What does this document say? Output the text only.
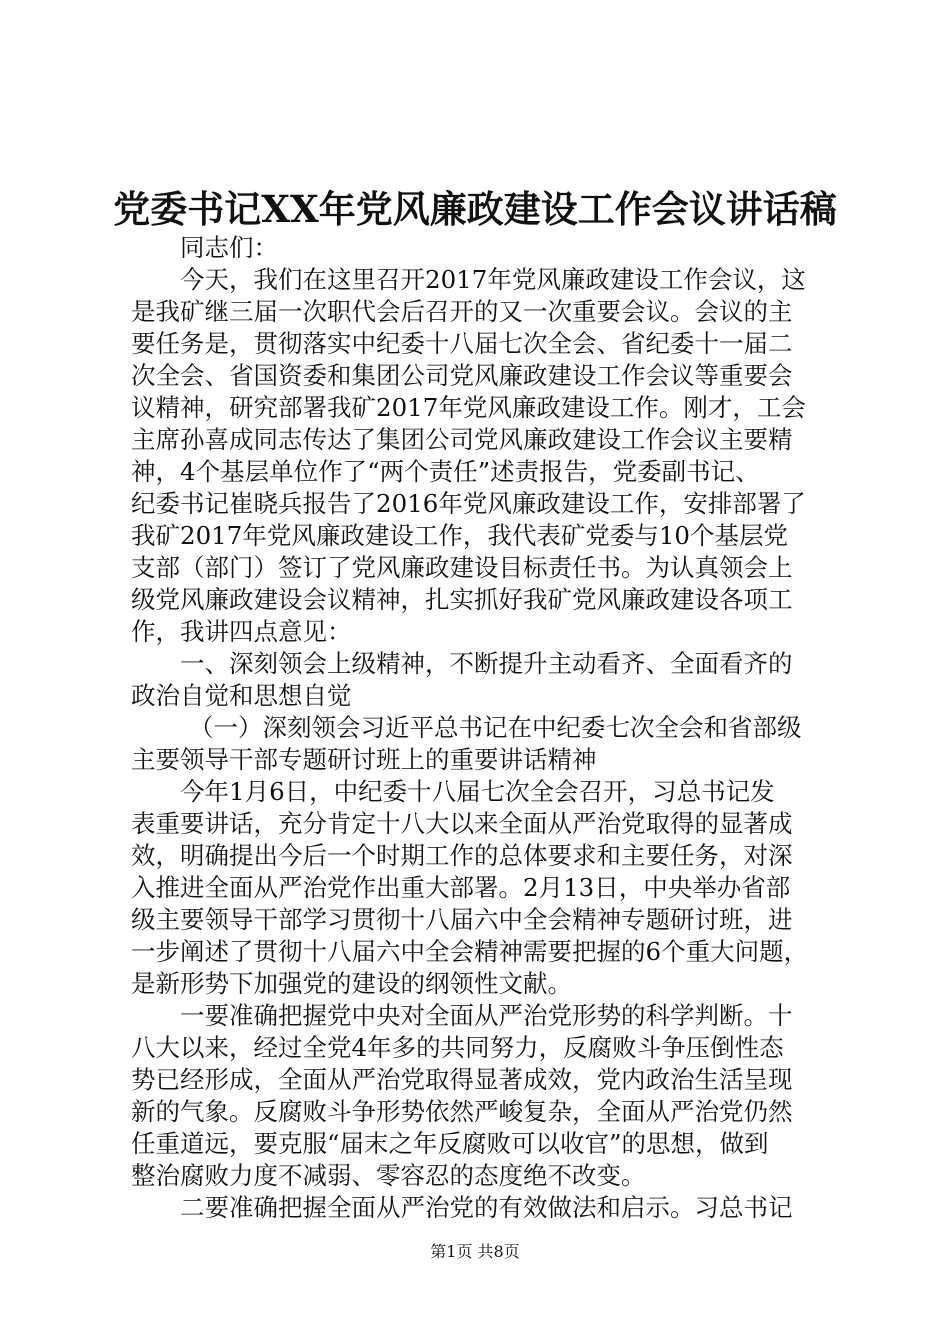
党委书记XX年党风廉政建设工作会议讲话稿
同志们：
今天，我们在这里召开2017年党风廉政建设工作会议，这
是我矿继三届一次职代会后召开的又一次重要会议。会议的主
要任务是，贯彻落实中纪委十八届七次全会、省纪委十一届二
次全会、省国资委和集团公司党风廉政建设工作会议等重要会
议精神，研究部署我矿2017年党风廉政建设工作。刚才，工会
主席孙喜成同志传达了集团公司党风廉政建设工作会议主要精
神，4个基层单位作了“两个责任”述责报告，党委副书记、
纪委书记崔晓兵报告了2016年党风廉政建设工作，安排部署了
我矿2017年党风廉政建设工作，我代表矿党委与10个基层党
支部（部门）签订了党风廉政建设目标责任书。为认真领会上
级党风廉政建设会议精神，扎实抓好我矿党风廉政建设各项工
作，我讲四点意见：
一、深刻领会上级精神，不断提升主动看齐、全面看齐的
政治自觉和思想自觉
（一）深刻领会习近平总书记在中纪委七次全会和省部级
主要领导干部专题研讨班上的重要讲话精神
今年1月6日，中纪委十八届七次全会召开，习总书记发
表重要讲话，充分肯定十八大以来全面从严治党取得的显著成
效，明确提出今后一个时期工作的总体要求和主要任务，对深
入推进全面从严治党作出重大部署。2月13日，中央举办省部
级主要领导干部学习贯彻十八届六中全会精神专题研讨班，进
一步阐述了贯彻十八届六中全会精神需要把握的6个重大问题，
是新形势下加强党的建设的纲领性文献。
一要准确把握党中央对全面从严治党形势的科学判断。十
八大以来，经过全党4年多的共同努力，反腐败斗争压倒性态
势已经形成，全面从严治党取得显著成效，党内政治生活呈现
新的气象。反腐败斗争形势依然严峻复杂，全面从严治党仍然
任重道远，要克服“届末之年反腐败可以收官”的思想，做到
整治腐败力度不减弱、零容忍的态度绝不改变。
二要准确把握全面从严治党的有效做法和启示。习总书记
第1页 共8页
